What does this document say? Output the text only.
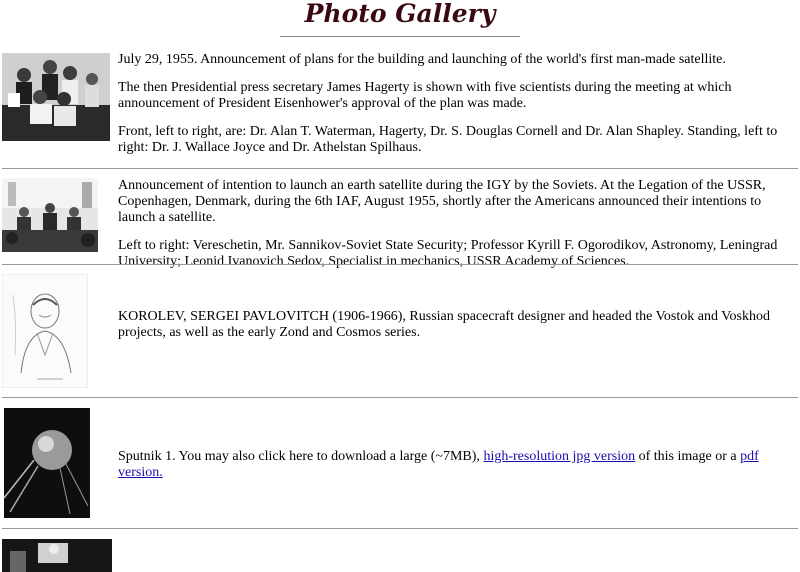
Photo Gallery

July 29, 1955. Announcement of plans for the building and launching of the world's first man-made satellite.

The then Presidential press secretary James Hagerty is shown with five scientists during the meeting at which announcement of President Eisenhower's approval of the plan was made.

Front, left to right, are: Dr. Alan T. Waterman, Hagerty, Dr. S. Douglas Cornell and Dr. Alan Shapley. Standing, left to right: Dr. J. Wallace Joyce and Dr. Athelstan Spilhaus.

Announcement of intention to launch an earth satellite during the IGY by the Soviets. At the Legation of the USSR, Copenhagen, Denmark, during the 6th IAF, August 1955, shortly after the Americans announced their intentions to launch a satellite.

Left to right: Vereschetin, Mr. Sannikov-Soviet State Security; Professor Kyrill F. Ogorodikov, Astronomy, Leningrad University; Leonid Ivanovich Sedov, Specialist in mechanics, USSR Academy of Sciences.

KOROLEV, SERGEI PAVLOVITCH (1906-1966), Russian spacecraft designer and headed the Vostok and Voskhod projects, as well as the early Zond and Cosmos series.

Sputnik 1. You may also click here to download a large (~7MB), high-resolution jpg version of this image or a pdf version.
